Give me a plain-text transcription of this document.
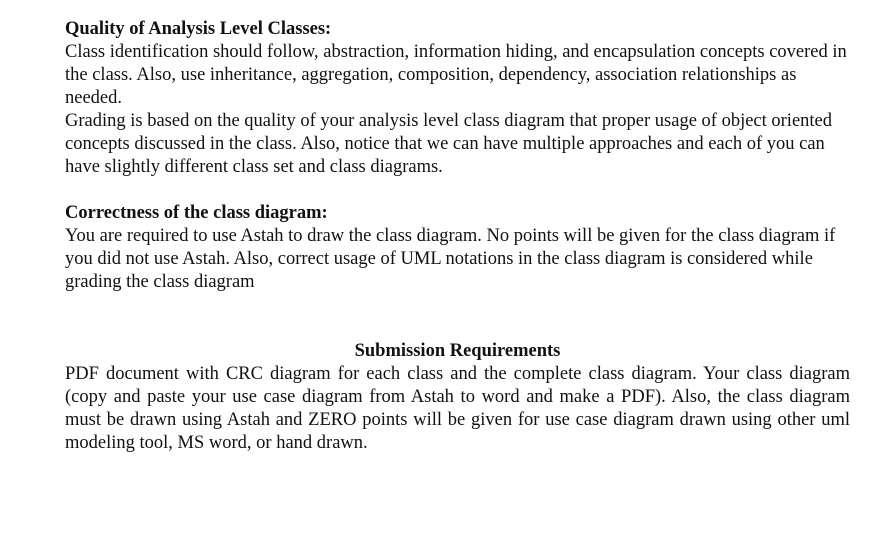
Quality of Analysis Level Classes:

Class identification should follow, abstraction, information hiding, and encapsulation concepts covered in the class. Also, use inheritance, aggregation, composition, dependency, association relationships as needed.

Grading is based on the quality of your analysis level class diagram that proper usage of object oriented concepts discussed in the class. Also, notice that we can have multiple approaches and each of you can have slightly different class set and class diagrams.

Correctness of the class diagram:

You are required to use Astah to draw the class diagram. No points will be given for the class diagram if you did not use Astah. Also, correct usage of UML notations in the class diagram is considered while grading the class diagram

Submission Requirements

PDF document with CRC diagram for each class and the complete class diagram. Your class diagram (copy and paste your use case diagram from Astah to word and make a PDF). Also, the class diagram must be drawn using Astah and ZERO points will be given for use case diagram drawn using other uml modeling tool, MS word, or hand drawn.
